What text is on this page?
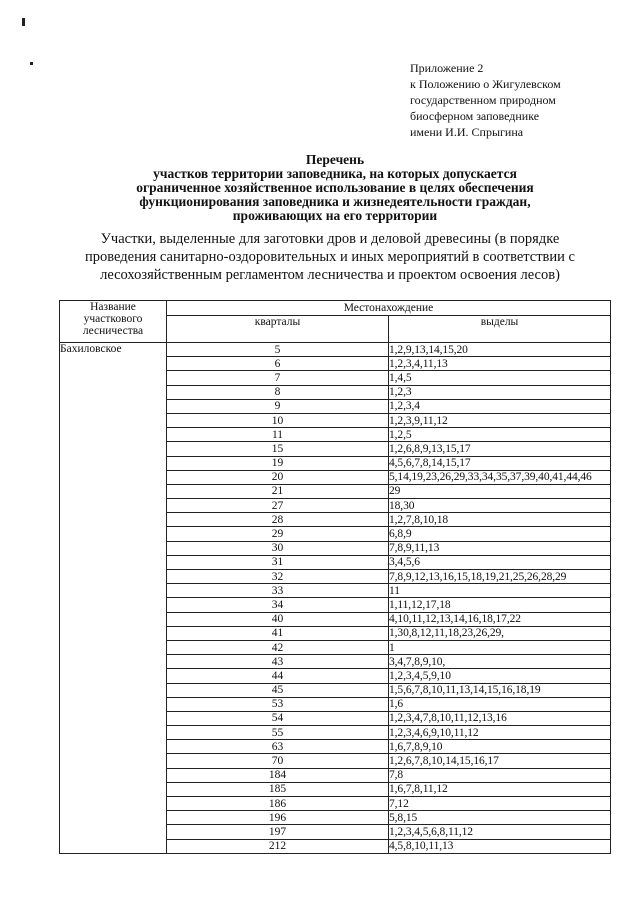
Приложение 2
к Положению о Жигулевском
государственном природном
биосферном заповеднике
имени И.И. Спрыгина
Перечень
участков территории заповедника, на которых допускается
ограниченное хозяйственное использование в целях обеспечения
функционирования заповедника и жизнедеятельности граждан,
проживающих на его территории
Участки, выделенные для заготовки дров и деловой древесины (в порядке
проведения санитарно-оздоровительных и иных мероприятий в соответствии с
лесохозяйственным регламентом лесничества и проектом освоения лесов)
Название участкового лесничества	Местонахождение	
	кварталы	выделы
Бахиловское	5	1,2,9,13,14,15,20
	6	1,2,3,4,11,13
	7	1,4,5
	8	1,2,3
	9	1,2,3,4
	10	1,2,3,9,11,12
	11	1,2,5
	15	1,2,6,8,9,13,15,17
	19	4,5,6,7,8,14,15,17
	20	5,14,19,23,26,29,33,34,35,37,39,40,41,44,46
	21	29
	27	18,30
	28	1,2,7,8,10,18
	29	6,8,9
	30	7,8,9,11,13
	31	3,4,5,6
	32	7,8,9,12,13,16,15,18,19,21,25,26,28,29
	33	11
	34	1,11,12,17,18
	40	4,10,11,12,13,14,16,18,17,22
	41	1,30,8,12,11,18,23,26,29,
	42	1
	43	3,4,7,8,9,10,
	44	1,2,3,4,5,9,10
	45	1,5,6,7,8,10,11,13,14,15,16,18,19
	53	1,6
	54	1,2,3,4,7,8,10,11,12,13,16
	55	1,2,3,4,6,9,10,11,12
	63	1,6,7,8,9,10
	70	1,2,6,7,8,10,14,15,16,17
	184	7,8
	185	1,6,7,8,11,12
	186	7,12
	196	5,8,15
	197	1,2,3,4,5,6,8,11,12
	212	4,5,8,10,11,13
